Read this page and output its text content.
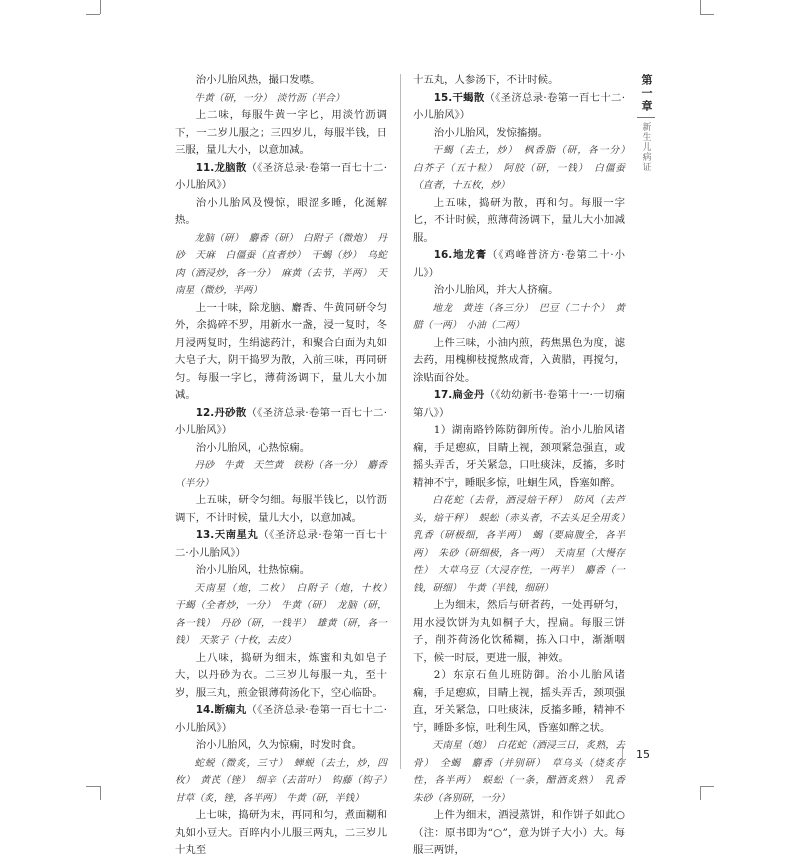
治小儿胎风热，撮口发噤。

牛黄（研，一分）　淡竹沥（半合）

上二味，每服牛黄一字匕，用淡竹沥调下，一二岁儿服之；三四岁儿，每服半钱，日三服，量儿大小，以意加减。

11.龙脑散（《圣济总录·卷第一百七十二·小儿胎风》）

治小儿胎风及慢惊，眼涩多睡，化涎解热。

龙脑（研）　麝香（研）　白附子（微炮）　丹砂　天麻　白僵蚕（直者炒）　干蝎（炒）　乌蛇肉（酒浸炒，各一分）　麻黄（去节，半两）　天南星（微炒，半两）

上一十味，除龙脑、麝香、牛黄同研令匀外，余捣碎不罗，用新水一盏，浸一复时，冬月浸两复时，生绢滤药汁，和聚合白面为丸如大皂子大，阴干捣罗为散，入前三味，再同研匀。每服一字匕，薄荷汤调下，量儿大小加减。

12.丹砂散（《圣济总录·卷第一百七十二·小儿胎风》）

治小儿胎风，心热惊痫。

丹砂　牛黄　天竺黄　铁粉（各一分）　麝香（半分）

上五味，研令匀细。每服半钱匕，以竹沥调下，不计时候，量儿大小，以意加减。

13.天南星丸（《圣济总录·卷第一百七十二·小儿胎风》）

治小儿胎风，壮热惊痫。

天南星（炮，二枚）　白附子（炮，十枚）　干蝎（全者炒，一分）　牛黄（研）　龙脑（研，各一钱）　丹砂（研，一钱半）　雄黄（研，各一钱）　天浆子（十枚，去皮）

上八味，捣研为细末，炼蜜和丸如皂子大，以丹砂为衣。二三岁儿每服一丸，至十岁，服三丸，煎金银薄荷汤化下，空心临卧。

14.断痫丸（《圣济总录·卷第一百七十二·小儿胎风》）

治小儿胎风，久为惊痫，时发时食。

蛇蜕（微炙，三寸）　蝉蜕（去土，炒，四枚）　黄芪（锉）　细辛（去苗叶）　钩藤（钩子）　甘草（炙，锉，各半两）　牛黄（研，半钱）

上七味，捣研为末，再同和匀，煮面糊和丸如小豆大。百晬内小儿服三两丸，二三岁儿十丸至

十五丸，人参汤下，不计时候。

15.干蝎散（《圣济总录·卷第一百七十二·小儿胎风》）

治小儿胎风，发惊搐搦。

干蝎（去土，炒）　枫香脂（研，各一分）　白芥子（五十粒）　阿胶（研，一钱）　白僵蚕（直者，十五枚，炒）

上五味，捣研为散，再和匀。每服一字匕，不计时候，煎薄荷汤调下，量儿大小加减服。

16.地龙膏（《鸡峰普济方·卷第二十·小儿》）

治小儿胎风，并大人挤痫。

地龙　黄连（各三分）　巴豆（二十个）　黄腊（一两）　小油（二两）

上件三味，小油内煎，药焦黑色为度，滤去药，用槐柳枝搅熬成膏，入黄腊，再搅匀，涂贴面谷处。

17.扁金丹（《幼幼新书·卷第十一·一切痫第八》）

1）湖南路钤陈防御所传。治小儿胎风诸痫，手足瘛疭，目睛上视，颈项紧急强直，或摇头弄舌，牙关紧急，口吐痰沫，反搐，多时精神不宁，睡眠多惊，吐蛔生风，昏塞如醉。

白花蛇（去骨，酒浸焙干秤）　防风（去芦头，焙干秤）　蜈蚣（赤头者，不去头足全用炙）　乳香（研极细，各半两）　蝎（要扁腹全，各半两）　朱砂（研细极，各一两）　天南星（大慢存性）　大草乌豆（大浸存性，一两半）　麝香（一钱，研细）　牛黄（半钱，细研）

上为细末，然后与研者药，一处再研匀，用水浸饮饼为丸如桐子大，捏扁。每服三饼子，削芥荷汤化饮稀糊，拣入口中，渐渐咽下，候一时辰，更进一服，神效。

2）东京石鱼儿班防御。治小儿胎风诸痫，手足瘛疭，目睛上视，摇头弄舌，颈项强直，牙关紧急，口吐痰沫，反搐多睡，精神不宁，睡卧多惊，吐利生风，昏塞如醉之状。

天南星（炮）　白花蛇（酒浸三日，炙熟，去骨）　全蝎　麝香（并别研）　草乌头（烧炙存性，各半两）　蜈蚣（一条，醋酒炙熟）　乳香　朱砂（各别研，一分）

上件为细末，酒浸蒸饼，和作饼子如此○（注：原书即为“○”，意为饼子大小）大。每服三两饼，

第一章
新生儿病证
15
